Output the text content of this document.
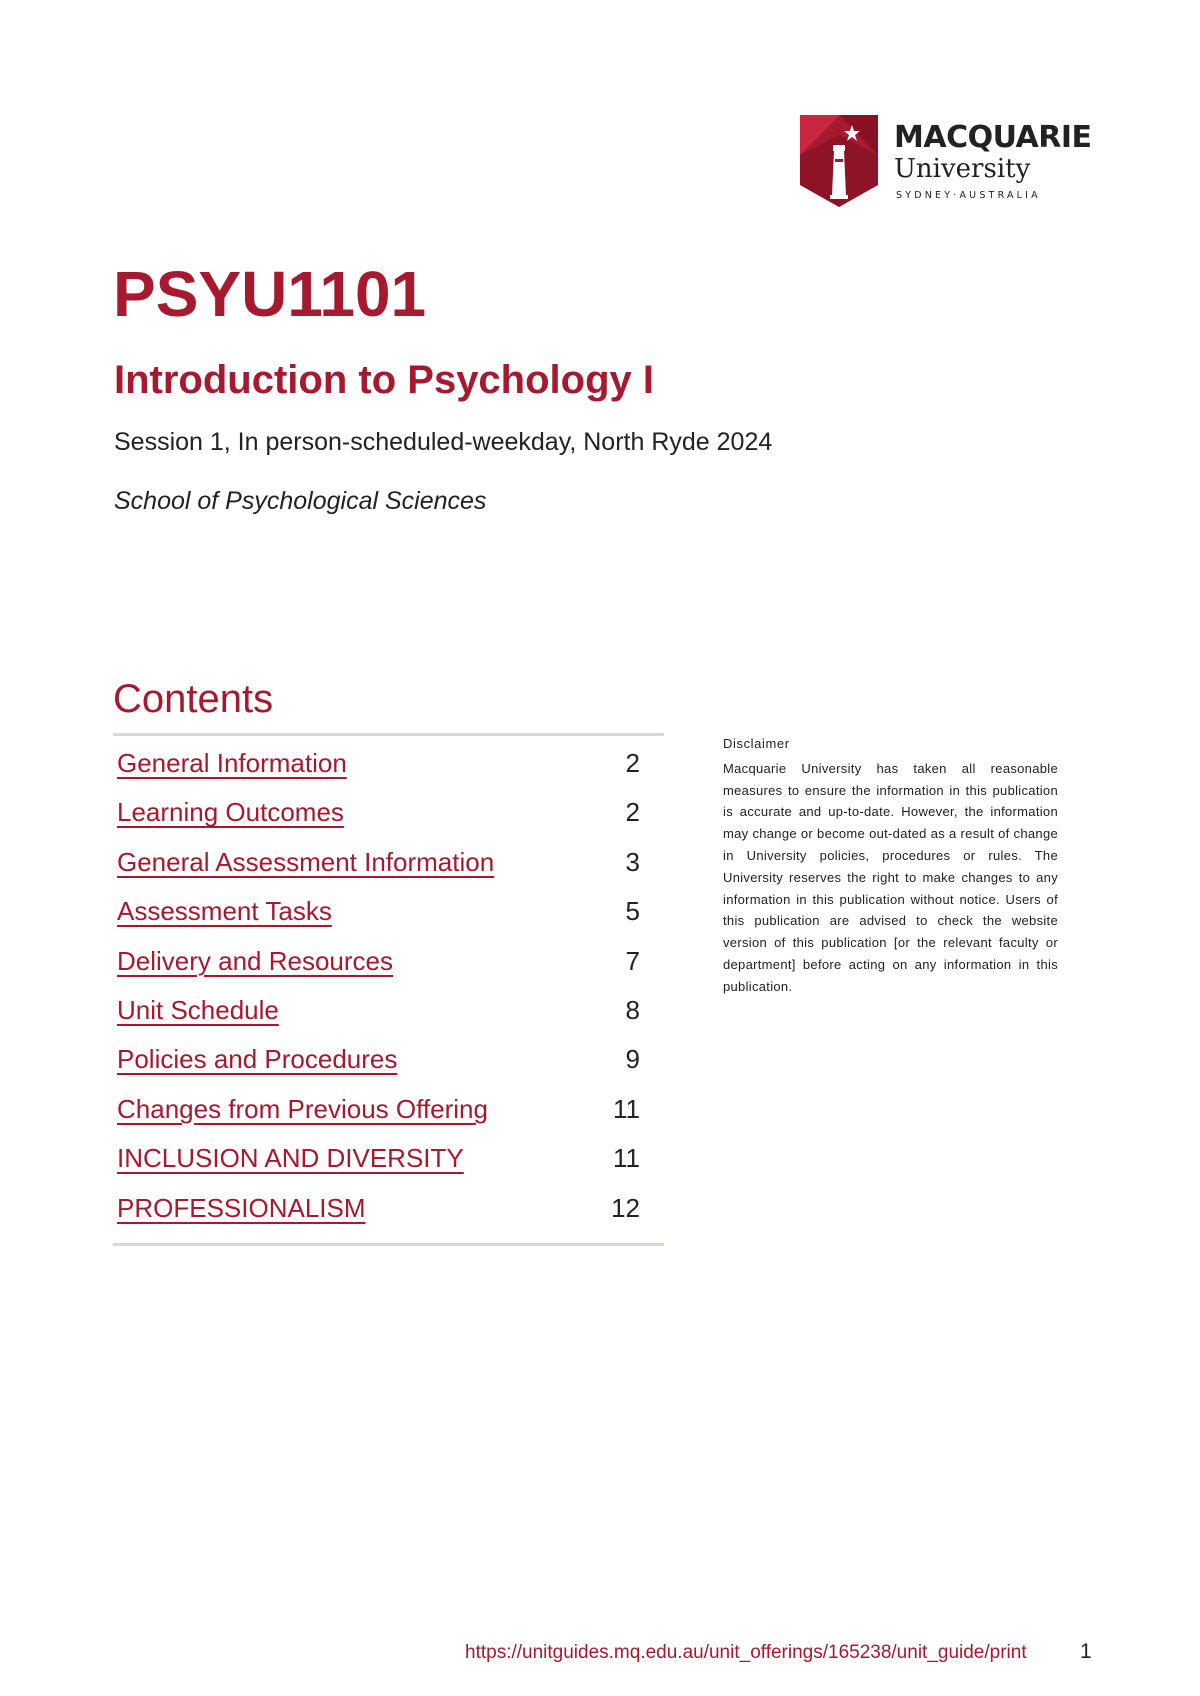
MACQUARIE
University
SYDNEY·AUSTRALIA
PSYU1101
Introduction to Psychology I
Session 1, In person-scheduled-weekday, North Ryde 2024
School of Psychological Sciences
Contents
General Information	2
Learning Outcomes	2
General Assessment Information	3
Assessment Tasks	5
Delivery and Resources	7
Unit Schedule	8
Policies and Procedures	9
Changes from Previous Offering	11
INCLUSION AND DIVERSITY	11
PROFESSIONALISM	12
Disclaimer
Macquarie University has taken all reasonable measures to ensure the information in this publication is accurate and up-to-date. However, the information may change or become out-dated as a result of change in University policies, procedures or rules. The University reserves the right to make changes to any information in this publication without notice. Users of this publication are advised to check the website version of this publication [or the relevant faculty or department] before acting on any information in this publication.
https://unitguides.mq.edu.au/unit_offerings/165238/unit_guide/print	1
